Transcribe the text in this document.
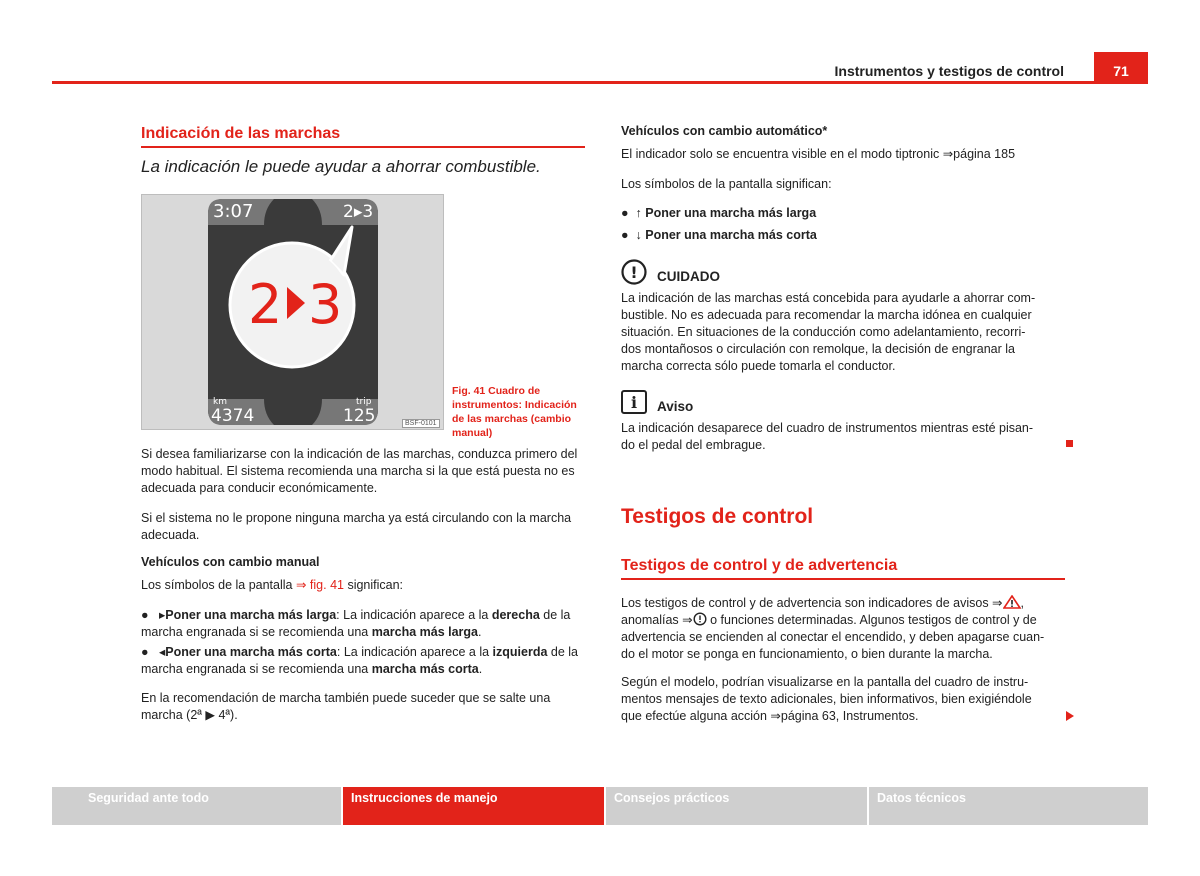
Instrumentos y testigos de control	71
Indicación de las marchas
La indicación le puede ayudar a ahorrar combustible.
3:07	2▸3
2 3
km
4374
trip
125	BSF-0101
Fig. 41 Cuadro de instrumentos: Indicación de las marchas (cambio manual)
Si desea familiarizarse con la indicación de las marchas, conduzca primero del modo habitual. El sistema recomienda una marcha si la que está puesta no es adecuada para conducir económicamente.
Si el sistema no le propone ninguna marcha ya está circulando con la marcha adecuada.
Vehículos con cambio manual
Los símbolos de la pantalla ⇒ fig. 41 significan:
● ▸Poner una marcha más larga: La indicación aparece a la derecha de la marcha engranada si se recomienda una marcha más larga.
● ◂Poner una marcha más corta: La indicación aparece a la izquierda de la marcha engranada si se recomienda una marcha más corta.
En la recomendación de marcha también puede suceder que se salte una marcha (2ª ▶ 4ª).
Vehículos con cambio automático*
El indicador solo se encuentra visible en el modo tiptronic ⇒página 185
Los símbolos de la pantalla significan:
● ↑ Poner una marcha más larga
● ↓ Poner una marcha más corta
! CUIDADO
La indicación de las marchas está concebida para ayudarle a ahorrar com-
bustible. No es adecuada para recomendar la marcha idónea en cualquier
situación. En situaciones de la conducción como adelantamiento, recorri-
dos montañosos o circulación con remolque, la decisión de engranar la
marcha correcta sólo puede tomarla el conductor.
i Aviso
La indicación desaparece del cuadro de instrumentos mientras esté pisan-
do el pedal del embrague.
Testigos de control
Testigos de control y de advertencia
Los testigos de control y de advertencia son indicadores de avisos ⇒ ,
anomalías ⇒ o funciones determinadas. Algunos testigos de control y de
advertencia se encienden al conectar el encendido, y deben apagarse cuan-
do el motor se ponga en funcionamiento, o bien durante la marcha.
Según el modelo, podrían visualizarse en la pantalla del cuadro de instru-
mentos mensajes de texto adicionales, bien informativos, bien exigiéndole
que efectúe alguna acción ⇒página 63, Instrumentos.
Seguridad ante todo	Instrucciones de manejo	Consejos prácticos	Datos técnicos
